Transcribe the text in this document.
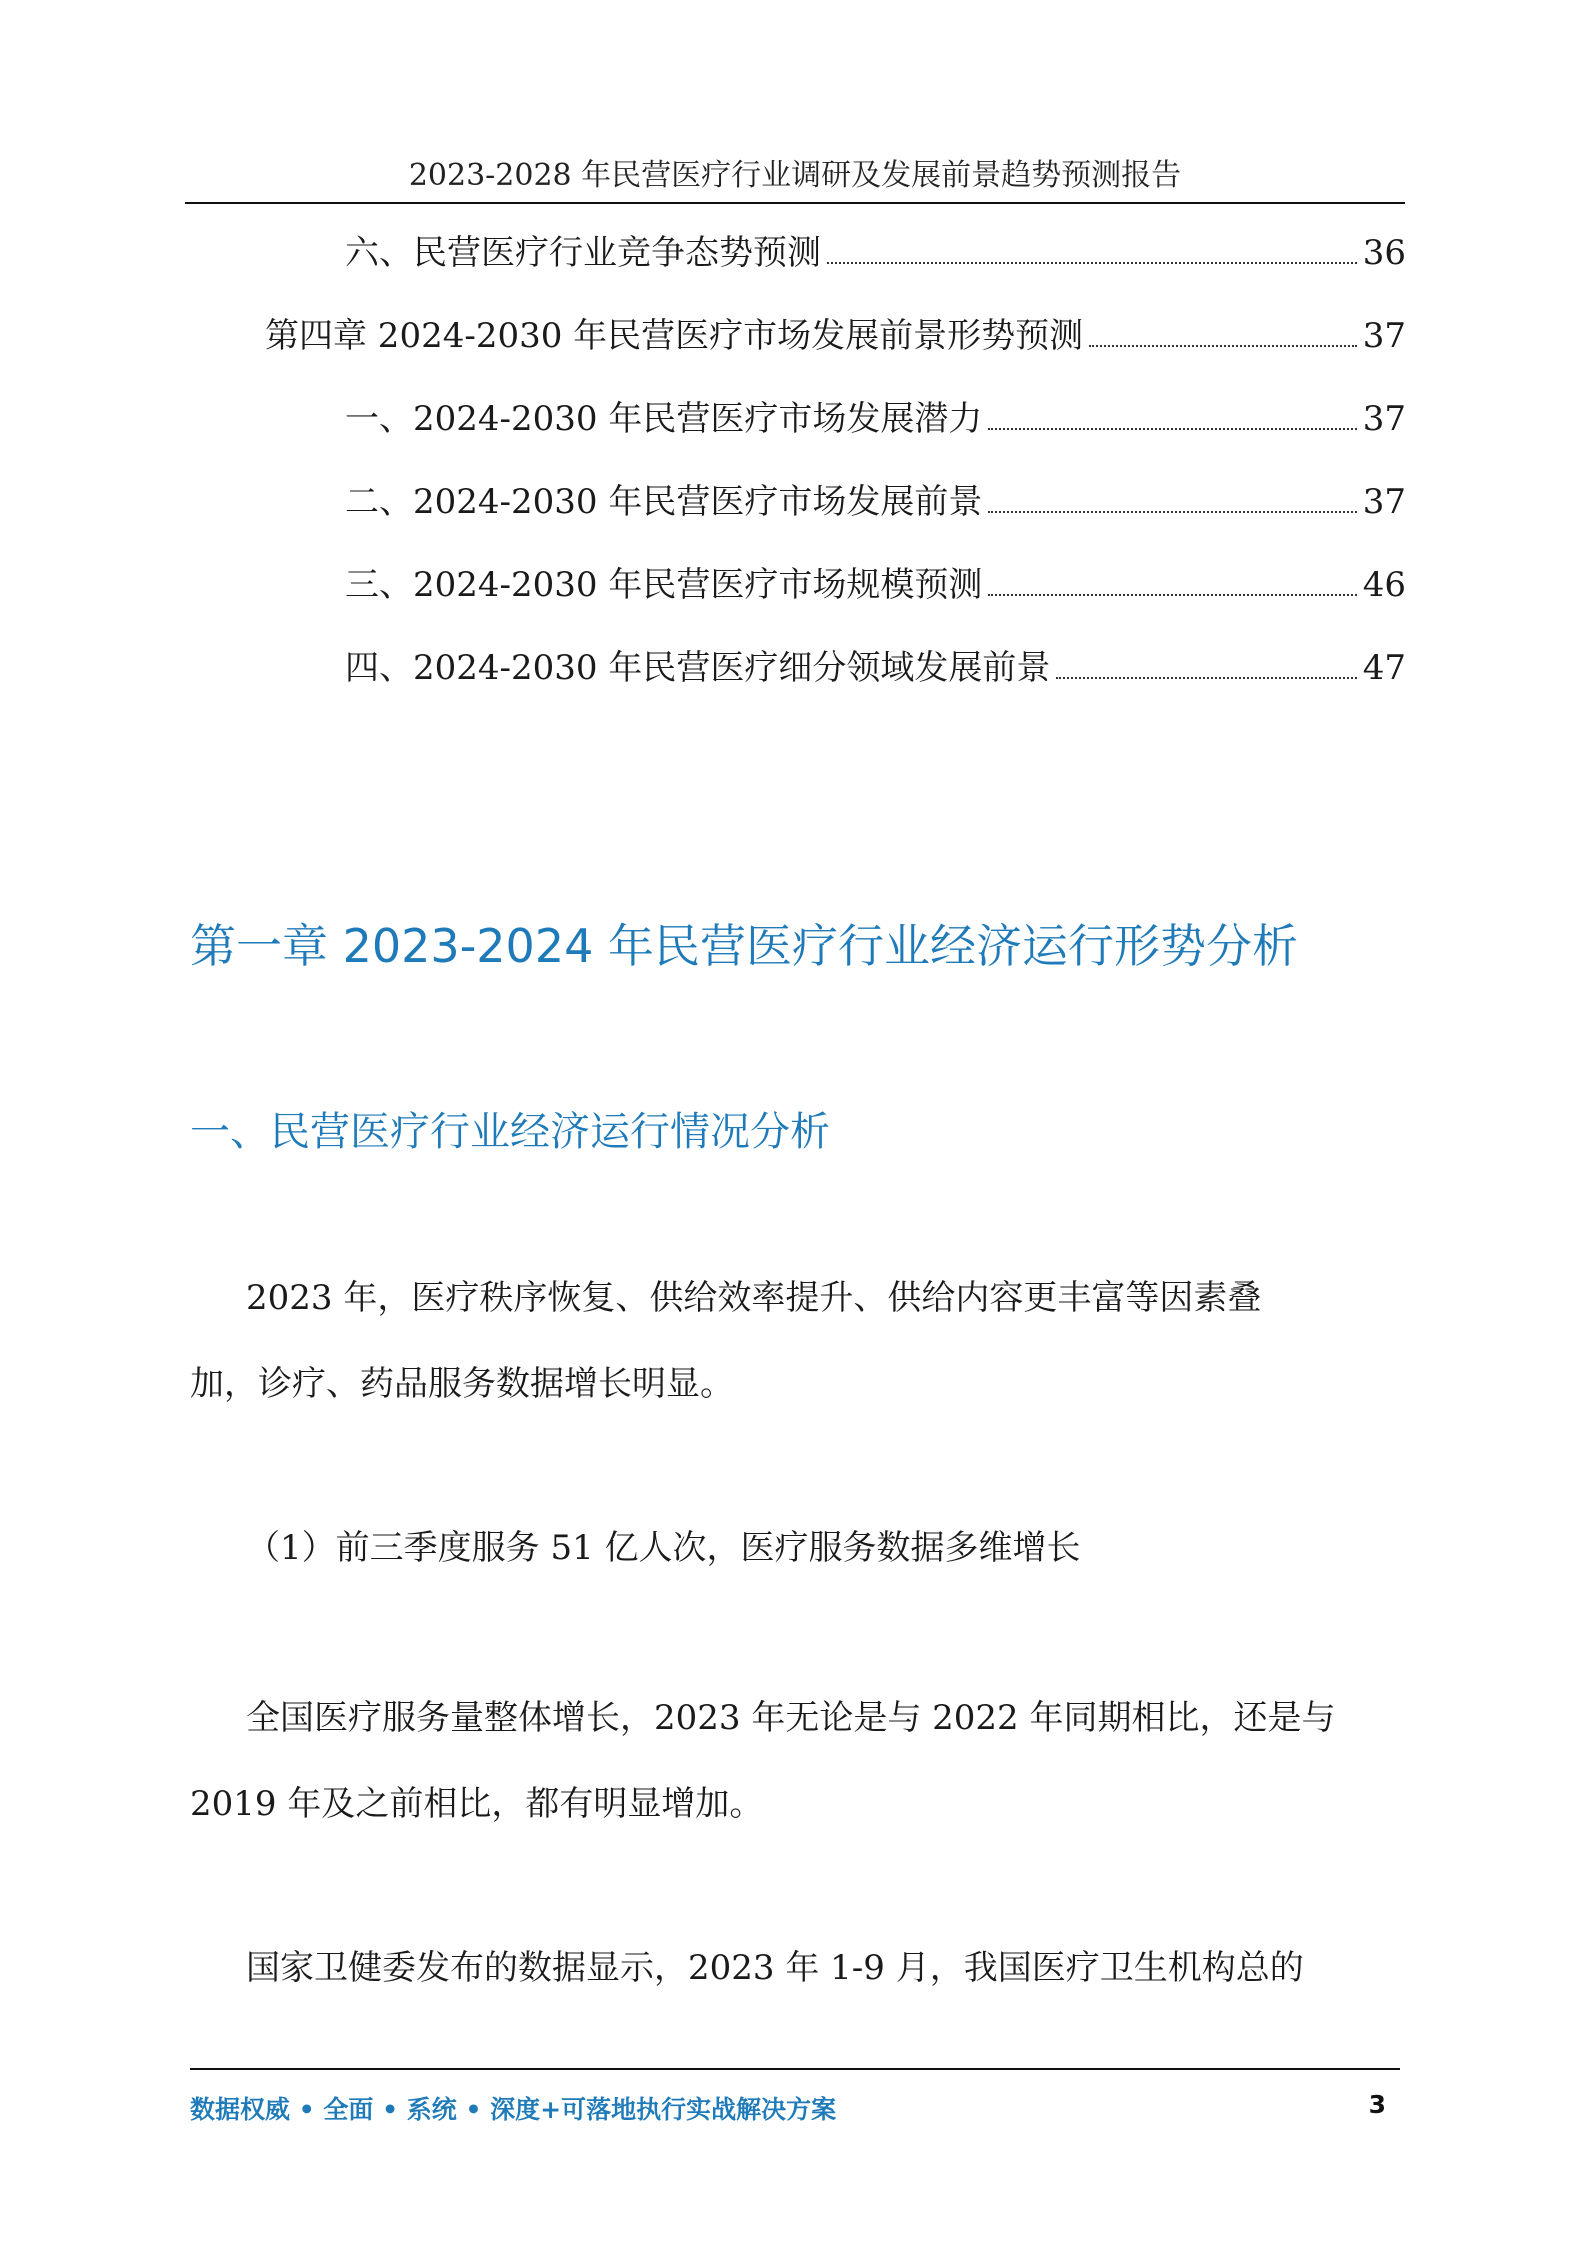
2023-2028 年民营医疗行业调研及发展前景趋势预测报告
六、民营医疗行业竞争态势预测	36
第四章 2024-2030 年民营医疗市场发展前景形势预测	37
一、2024-2030 年民营医疗市场发展潜力	37
二、2024-2030 年民营医疗市场发展前景	37
三、2024-2030 年民营医疗市场规模预测	46
四、2024-2030 年民营医疗细分领域发展前景	47
第一章 2023-2024 年民营医疗行业经济运行形势分析
一、民营医疗行业经济运行情况分析
2023 年，医疗秩序恢复、供给效率提升、供给内容更丰富等因素叠
加，诊疗、药品服务数据增长明显。
（1）前三季度服务 51 亿人次，医疗服务数据多维增长
全国医疗服务量整体增长，2023 年无论是与 2022 年同期相比，还是与
2019 年及之前相比，都有明显增加。
国家卫健委发布的数据显示，2023 年 1-9 月，我国医疗卫生机构总的
数据权威 • 全面 • 系统 • 深度+可落地执行实战解决方案	3
